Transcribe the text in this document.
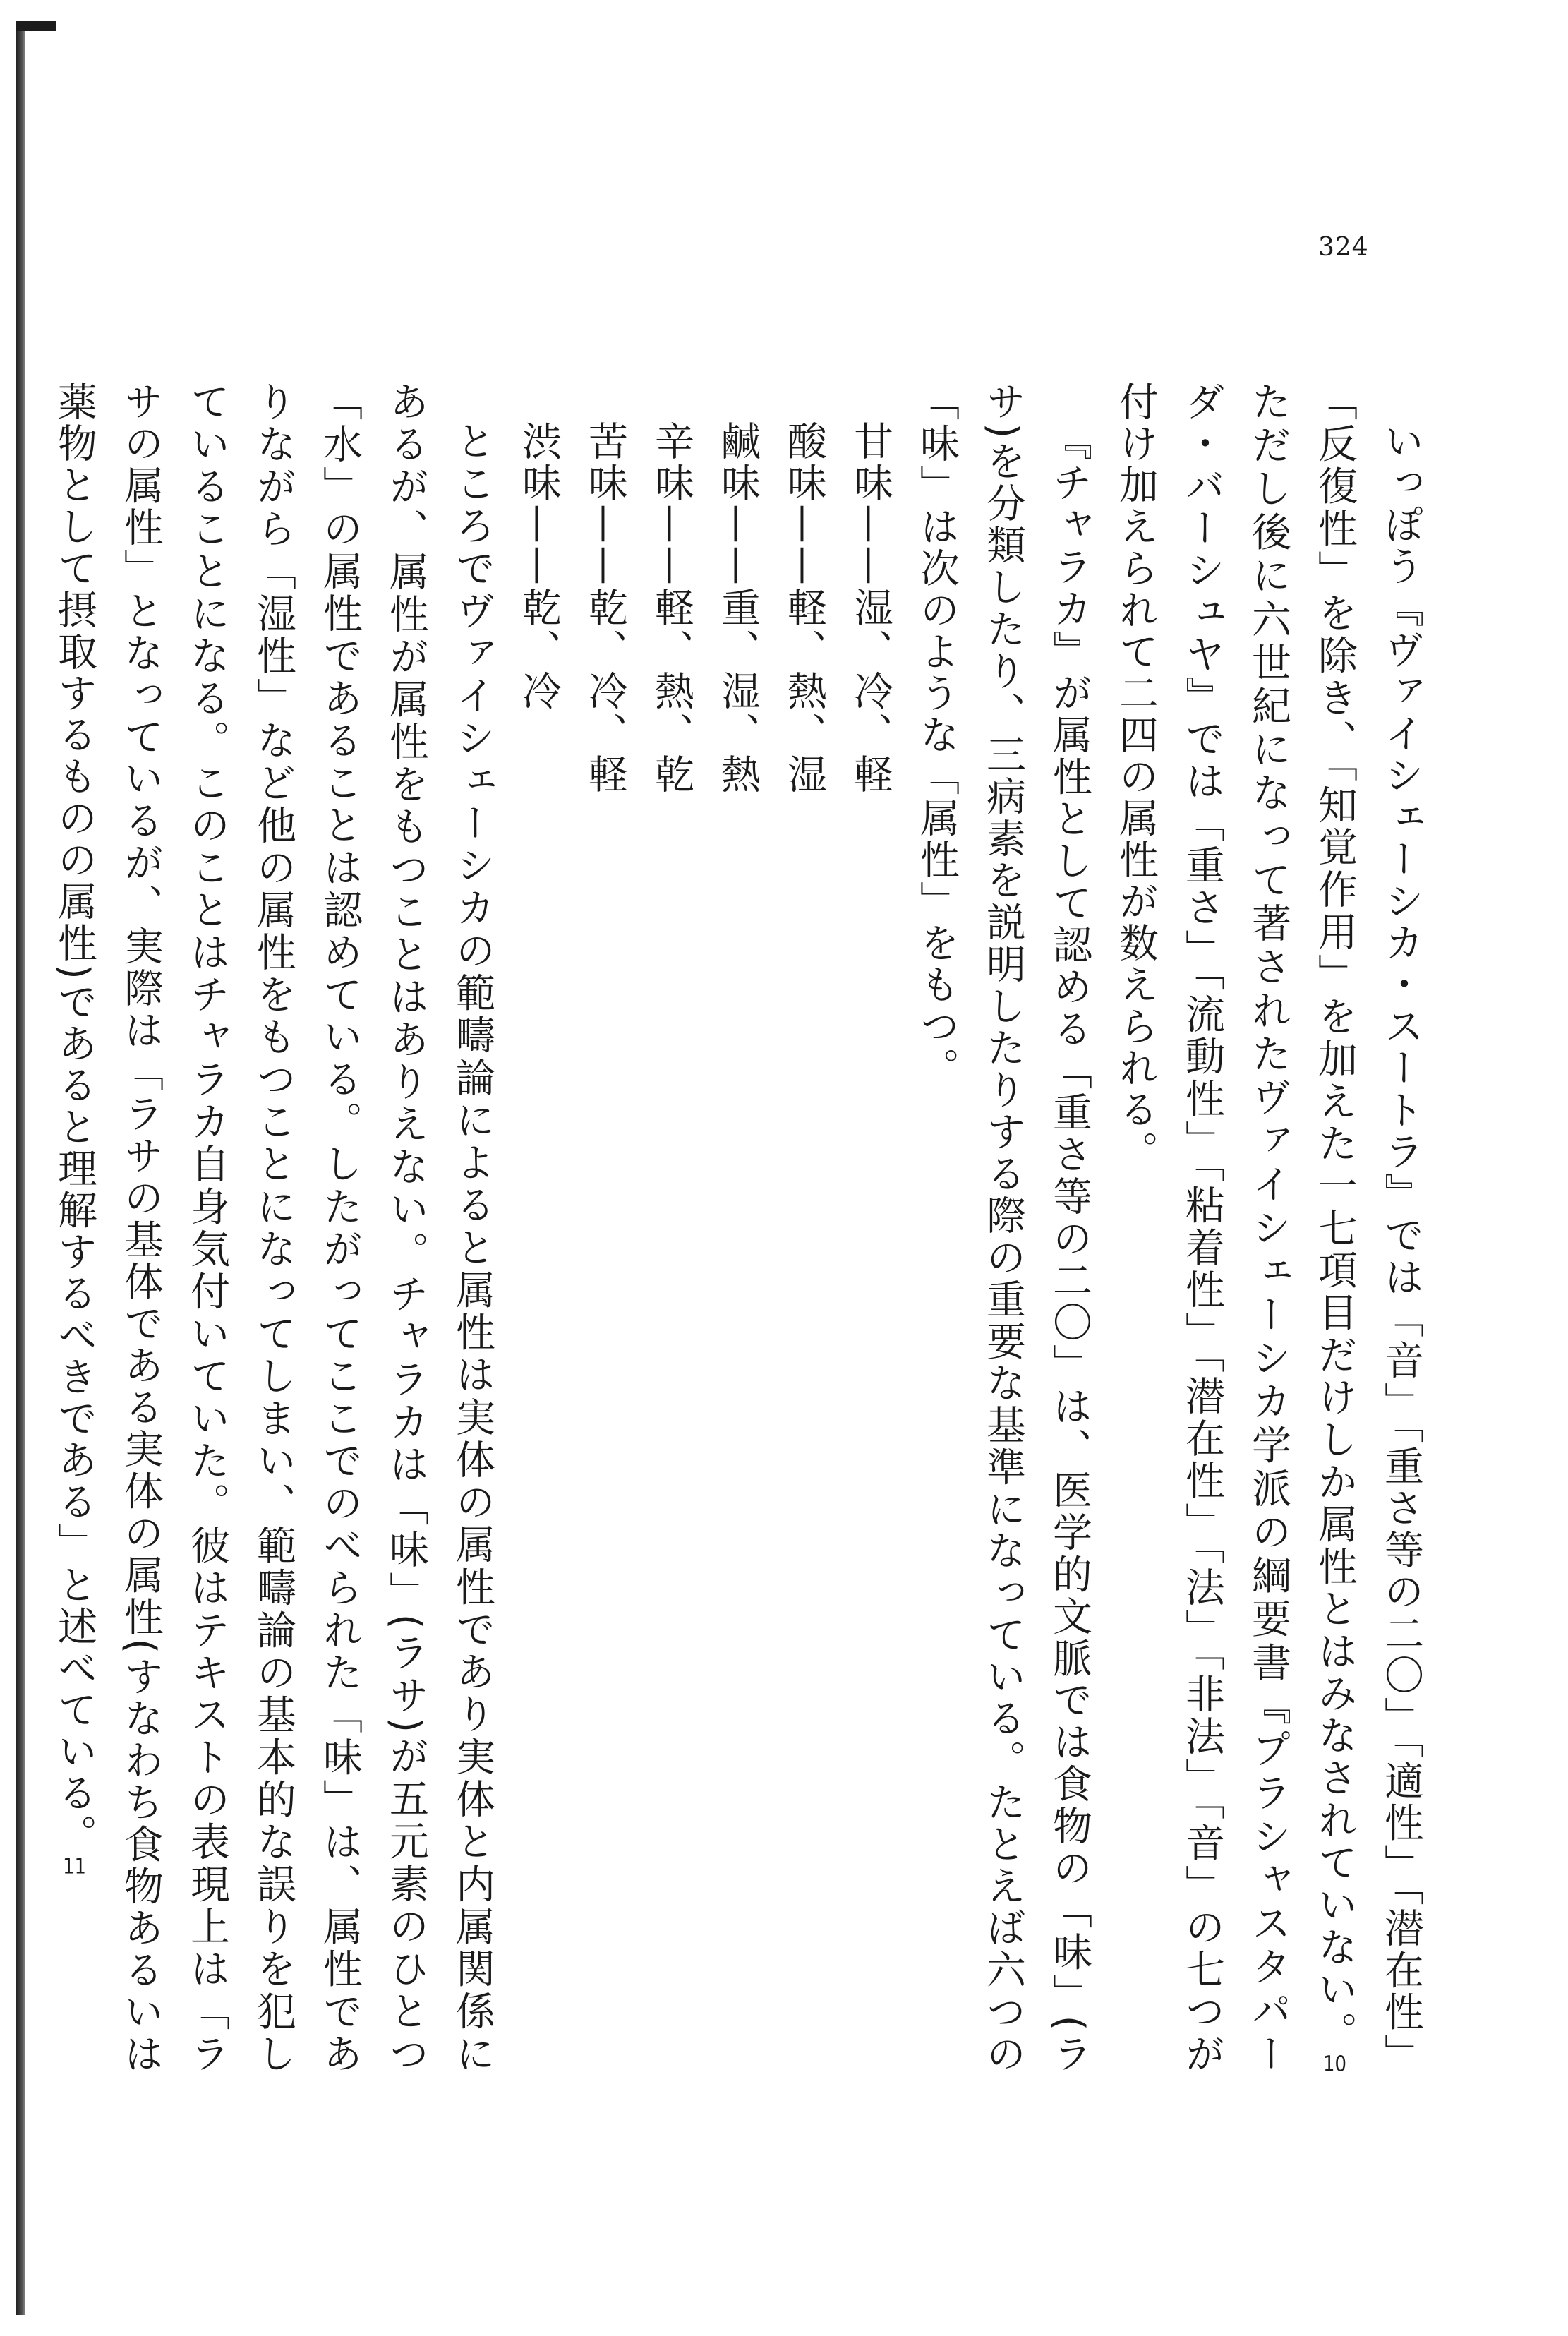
324

いっぽう『ヴァイシェーシカ・スートラ』では「音」「重さ等の二〇」「適性」「潜在性」「反復性」を除き、「知覚作用」を加えた一七項目だけしか属性とはみなされていない。10ただし後に六世紀になって著されたヴァイシェーシカ学派の綱要書『プラシャスタパーダ・バーシュヤ』では「重さ」「流動性」「粘着性」「潜在性」「法」「非法」「音」の七つが付け加えられて二四の属性が数えられる。

『チャラカ』が属性として認める「重さ等の二〇」は、医学的文脈では食物の「味」(ラサ)を分類したり、三病素を説明したりする際の重要な基準になっている。たとえば六つの「味」は次のような「属性」をもつ。

甘味——湿、冷、軽
酸味——軽、熱、湿
鹹味——重、湿、熱
辛味——軽、熱、乾
苦味——乾、冷、軽
渋味——乾、冷

ところでヴァイシェーシカの範疇論によると属性は実体の属性であり実体と内属関係にあるが、属性が属性をもつことはありえない。チャラカは「味」(ラサ)が五元素のひとつ「水」の属性であることは認めている。したがってここでのべられた「味」は、属性でありながら「湿性」など他の属性をもつことになってしまい、範疇論の基本的な誤りを犯していることになる。このことはチャラカ自身気付いていた。彼はテキストの表現上は「ラサの属性」となっているが、実際は「ラサの基体である実体の属性(すなわち食物あるいは薬物として摂取するものの属性)であると理解するべきである」と述べている。11
